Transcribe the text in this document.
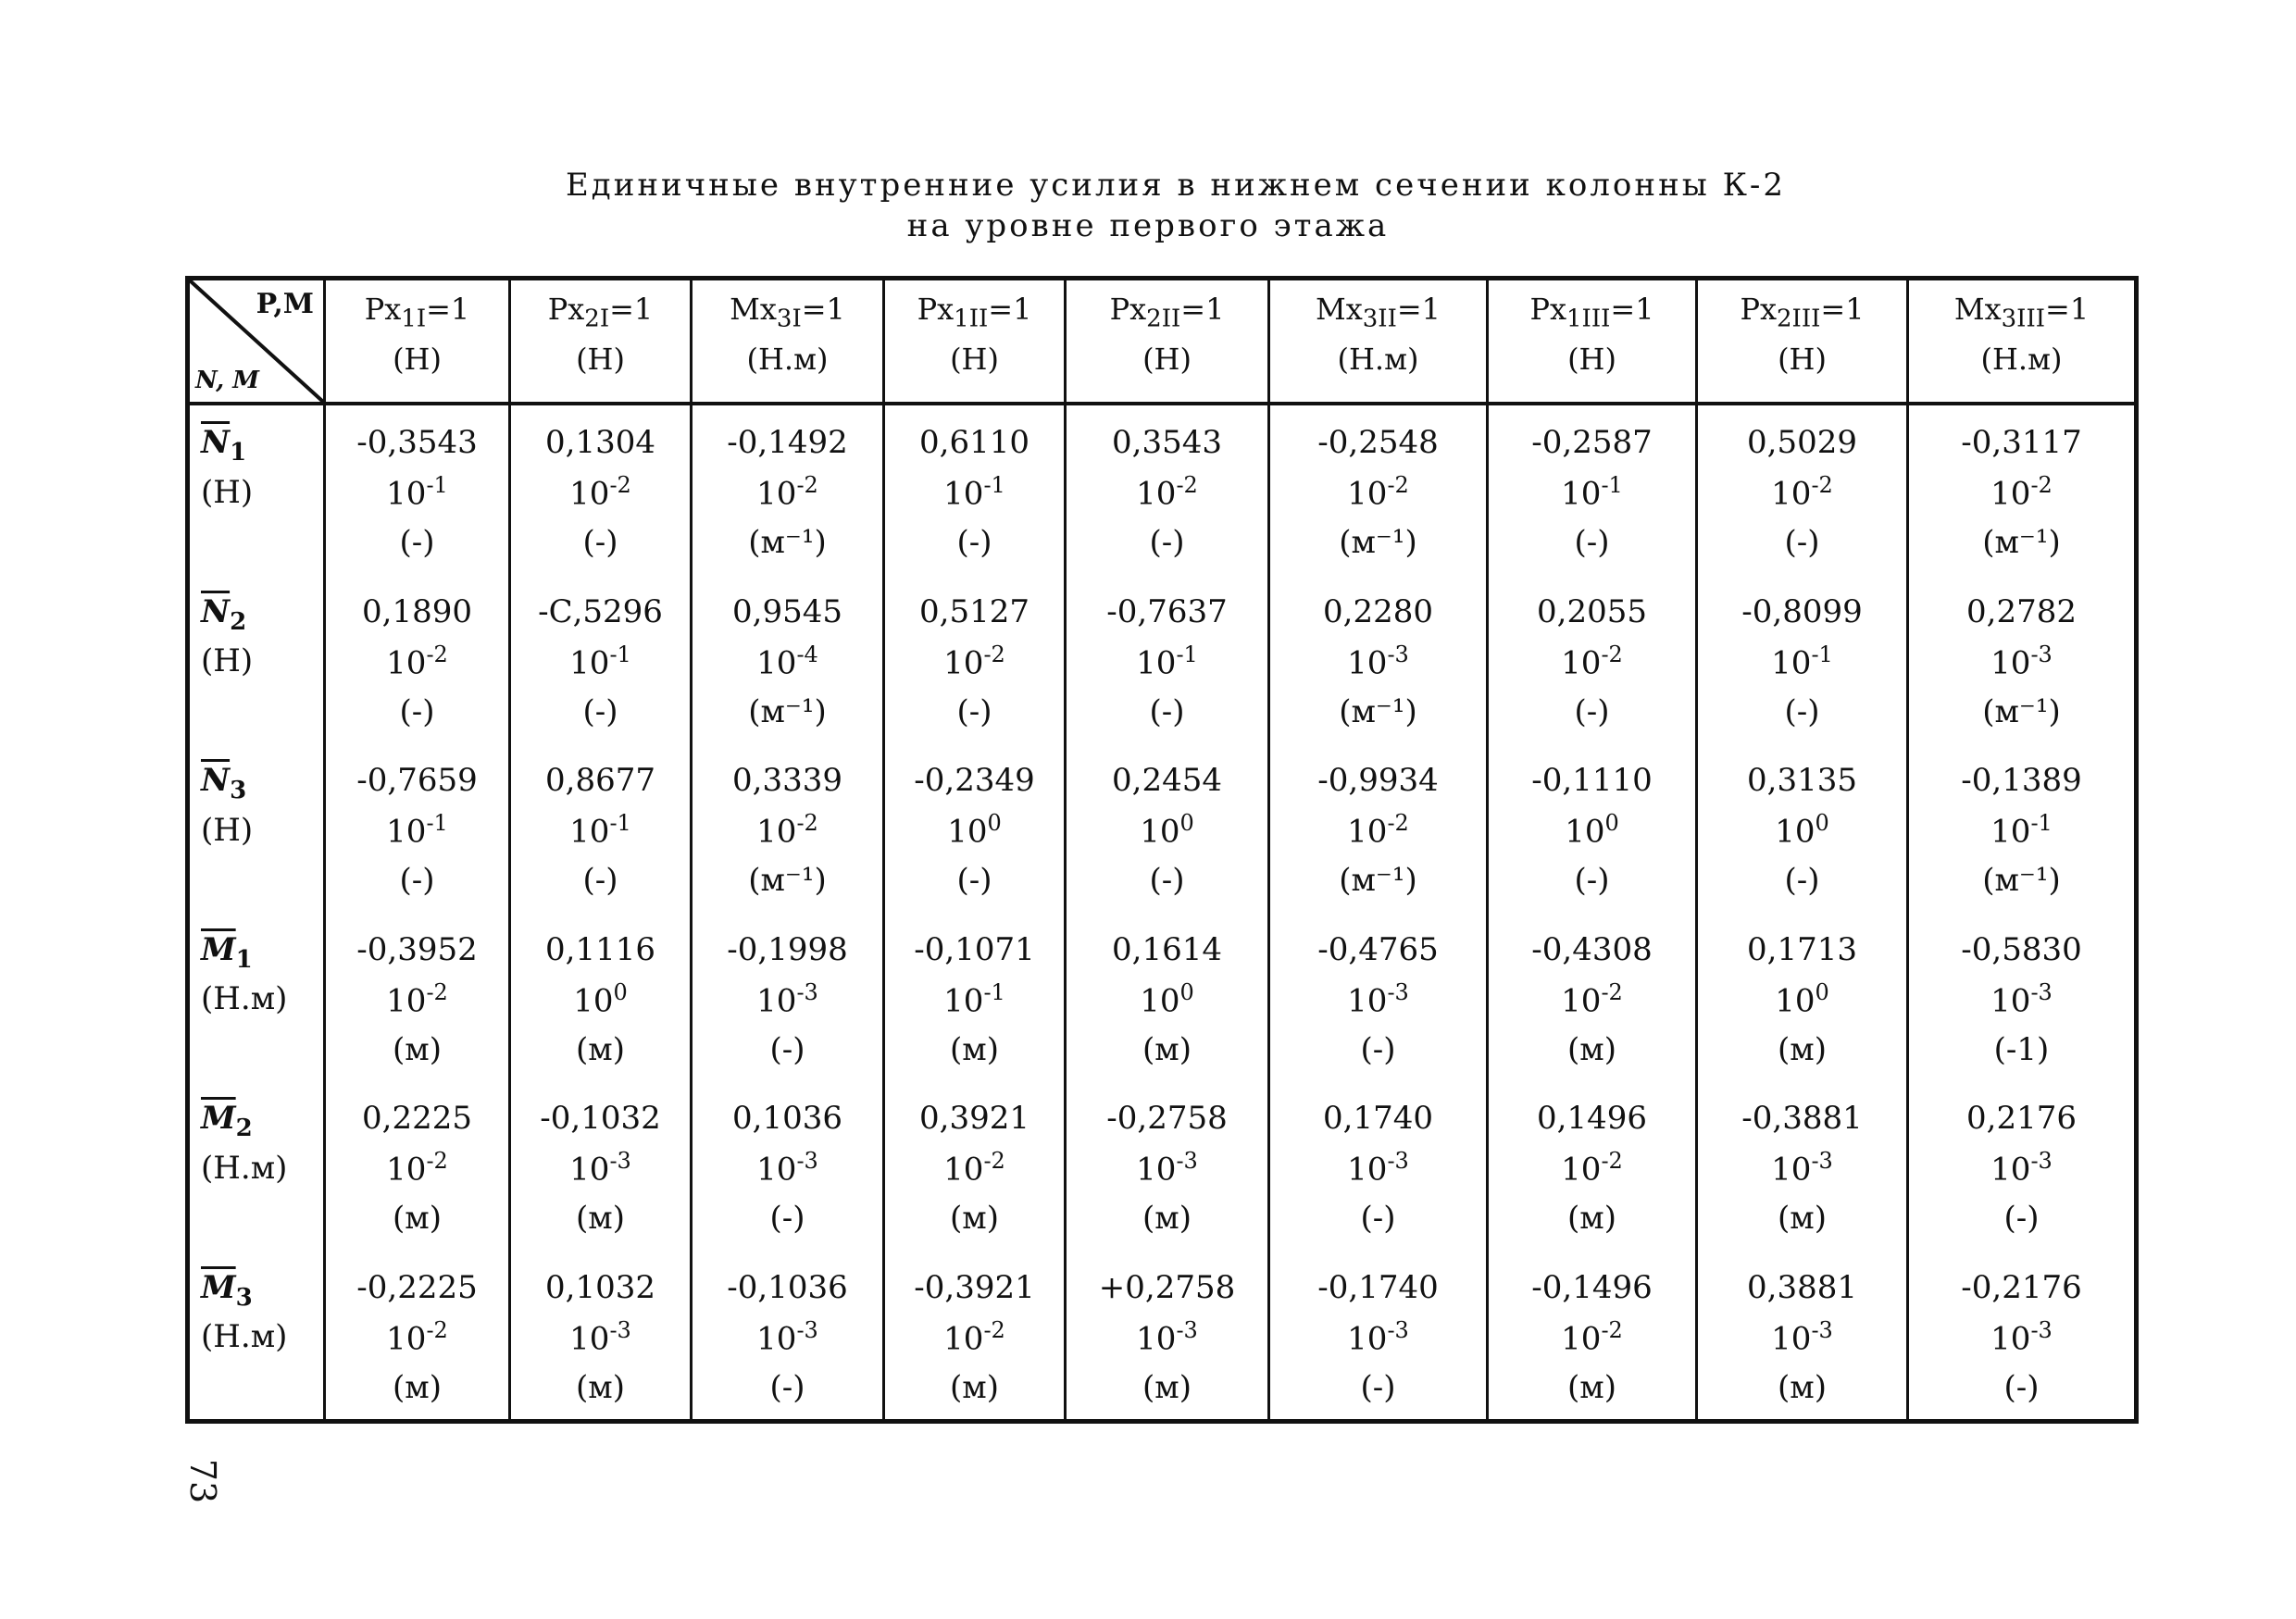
Единичные внутренние усилия в нижнем сечении колонны К-2
на уровне первого этажа
P,M
N, M
$Px_{1I}=1$
(Н)
$Px_{2I}=1$
(Н)
$Mx_{3I}=1$
(Н.м)
$Px_{1II}=1$
(Н)
$Px_{2II}=1$
(Н)
$Mx_{3II}=1$
(Н.м)
$Px_{1III}=1$
(Н)
$Px_{2III}=1$
(Н)
$Mx_{3III}=1$
(Н.м)
$\overline{N}_1$
(Н)
-0,3543
$10^{-1}$
(-)
0,1304
$10^{-2}$
(-)
-0,1492
$10^{-2}$
(м⁻¹)
0,6110
$10^{-1}$
(-)
0,3543
$10^{-2}$
(-)
-0,2548
$10^{-2}$
(м⁻¹)
-0,2587
$10^{-1}$
(-)
0,5029
$10^{-2}$
(-)
-0,3117
$10^{-2}$
(м⁻¹)
$\overline{N}_2$
(Н)
0,1890
$10^{-2}$
(-)
-С,5296
$10^{-1}$
(-)
0,9545
$10^{-4}$
(м⁻¹)
0,5127
$10^{-2}$
(-)
-0,7637
$10^{-1}$
(-)
0,2280
$10^{-3}$
(м⁻¹)
0,2055
$10^{-2}$
(-)
-0,8099
$10^{-1}$
(-)
0,2782
$10^{-3}$
(м⁻¹)
$\overline{N}_3$
(Н)
-0,7659
$10^{-1}$
(-)
0,8677
$10^{-1}$
(-)
0,3339
$10^{-2}$
(м⁻¹)
-0,2349
$10^0$
(-)
0,2454
$10^0$
(-)
-0,9934
$10^{-2}$
(м⁻¹)
-0,1110
$10^0$
(-)
0,3135
$10^0$
(-)
-0,1389
$10^{-1}$
(м⁻¹)
$\overline{M}_1$
(Н.м)
-0,3952
$10^{-2}$
(м)
0,1116
$10^0$
(м)
-0,1998
$10^{-3}$
(-)
-0,1071
$10^{-1}$
(м)
0,1614
$10^0$
(м)
-0,4765
$10^{-3}$
(-)
-0,4308
$10^{-2}$
(м)
0,1713
$10^0$
(м)
-0,5830
$10^{-3}$
(-1)
$\overline{M}_2$
(Н.м)
0,2225
$10^{-2}$
(м)
-0,1032
$10^{-3}$
(м)
0,1036
$10^{-3}$
(-)
0,3921
$10^{-2}$
(м)
-0,2758
$10^{-3}$
(м)
0,1740
$10^{-3}$
(-)
0,1496
$10^{-2}$
(м)
-0,3881
$10^{-3}$
(м)
0,2176
$10^{-3}$
(-)
$\overline{M}_3$
(Н.м)
-0,2225
$10^{-2}$
(м)
0,1032
$10^{-3}$
(м)
-0,1036
$10^{-3}$
(-)
-0,3921
$10^{-2}$
(м)
+0,2758
$10^{-3}$
(м)
-0,1740
$10^{-3}$
(-)
-0,1496
$10^{-2}$
(м)
0,3881
$10^{-3}$
(м)
-0,2176
$10^{-3}$
(-)
73
